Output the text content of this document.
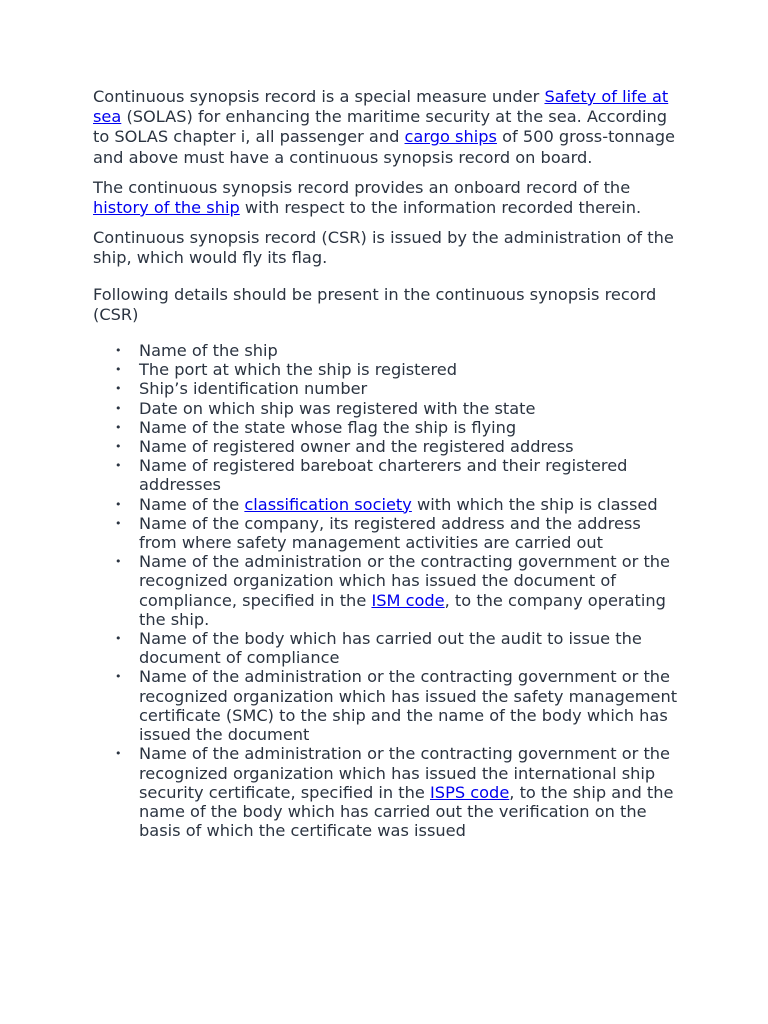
Continuous synopsis record is a special measure under Safety of life at sea (SOLAS) for enhancing the maritime security at the sea. According to SOLAS chapter i, all passenger and cargo ships of 500 gross-tonnage and above must have a continuous synopsis record on board.

The continuous synopsis record provides an onboard record of the history of the ship with respect to the information recorded therein.

Continuous synopsis record (CSR) is issued by the administration of the ship, which would fly its flag.

Following details should be present in the continuous synopsis record (CSR)

• Name of the ship
• The port at which the ship is registered
• Ship’s identification number
• Date on which ship was registered with the state
• Name of the state whose flag the ship is flying
• Name of registered owner and the registered address
• Name of registered bareboat charterers and their registered addresses
• Name of the classification society with which the ship is classed
• Name of the company, its registered address and the address from where safety management activities are carried out
• Name of the administration or the contracting government or the recognized organization which has issued the document of compliance, specified in the ISM code, to the company operating the ship.
• Name of the body which has carried out the audit to issue the document of compliance
• Name of the administration or the contracting government or the recognized organization which has issued the safety management certificate (SMC) to the ship and the name of the body which has issued the document
• Name of the administration or the contracting government or the recognized organization which has issued the international ship security certificate, specified in the ISPS code, to the ship and the name of the body which has carried out the verification on the basis of which the certificate was issued
